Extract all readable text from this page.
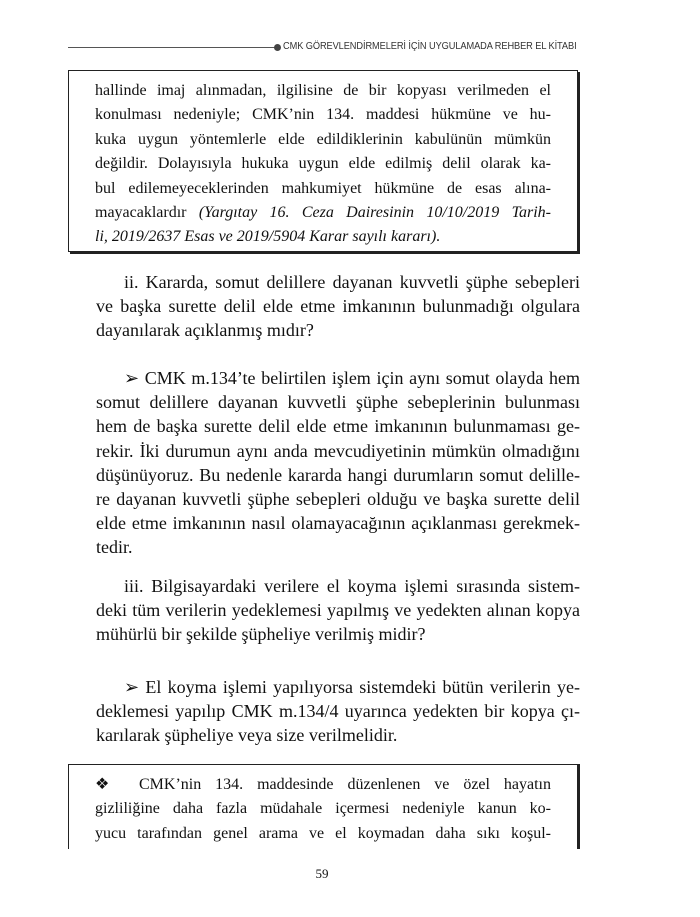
CMK GÖREVLENDİRMELERİ İÇİN UYGULAMADA REHBER EL KİTABI
hallinde imaj alınmadan, ilgilisine de bir kopyası verilmeden el
konulması nedeniyle; CMK’nin 134. maddesi hükmüne ve hu-
kuka uygun yöntemlerle elde edildiklerinin kabulünün mümkün
değildir. Dolayısıyla hukuka uygun elde edilmiş delil olarak ka-
bul edilemeyeceklerinden mahkumiyet hükmüne de esas alına-
mayacaklardır (Yargıtay 16. Ceza Dairesinin 10/10/2019 Tarih-
li, 2019/2637 Esas ve 2019/5904 Karar sayılı kararı).
ii. Kararda, somut delillere dayanan kuvvetli şüphe sebepleri
ve başka surette delil elde etme imkanının bulunmadığı olgulara
dayanılarak açıklanmış mıdır?
➢ CMK m.134’te belirtilen işlem için aynı somut olayda hem
somut delillere dayanan kuvvetli şüphe sebeplerinin bulunması
hem de başka surette delil elde etme imkanının bulunmaması ge-
rekir. İki durumun aynı anda mevcudiyetinin mümkün olmadığını
düşünüyoruz. Bu nedenle kararda hangi durumların somut delille-
re dayanan kuvvetli şüphe sebepleri olduğu ve başka surette delil
elde etme imkanının nasıl olamayacağının açıklanması gerekmek-
tedir.
iii. Bilgisayardaki verilere el koyma işlemi sırasında sistem-
deki tüm verilerin yedeklemesi yapılmış ve yedekten alınan kopya
mühürlü bir şekilde şüpheliye verilmiş midir?
➢ El koyma işlemi yapılıyorsa sistemdeki bütün verilerin ye-
deklemesi yapılıp CMK m.134/4 uyarınca yedekten bir kopya çı-
karılarak şüpheliye veya size verilmelidir.
❖ CMK’nin 134. maddesinde düzenlenen ve özel hayatın
gizliliğine daha fazla müdahale içermesi nedeniyle kanun ko-
yucu tarafından genel arama ve el koymadan daha sıkı koşul-
59
